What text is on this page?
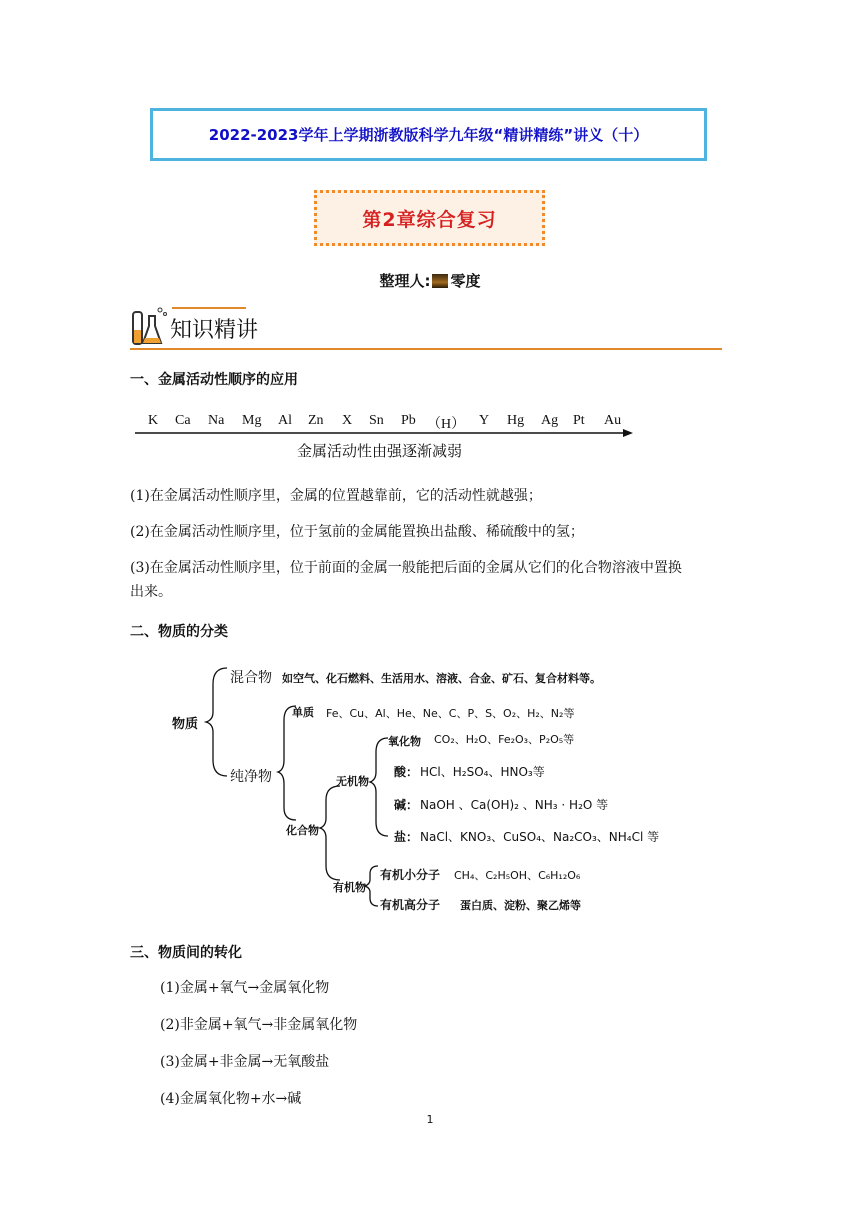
2022-2023学年上学期浙教版科学九年级“精讲精练”讲义（十）
第2章综合复习
整理人: 零度
知识精讲
一、金属活动性顺序的应用
K Ca Na Mg Al Zn X Sn Pb （H） Y Hg Ag Pt Au
金属活动性由强逐渐减弱
(1)在金属活动性顺序里，金属的位置越靠前，它的活动性就越强；
(2)在金属活动性顺序里，位于氢前的金属能置换出盐酸、稀硫酸中的氢；
(3)在金属活动性顺序里，位于前面的金属一般能把后面的金属从它们的化合物溶液中置换
出来。
二、物质的分类
物质
混合物 如空气、化石燃料、生活用水、溶液、合金、矿石、复合材料等。
纯净物
单质 Fe、Cu、Al、He、Ne、C、P、S、O₂、H₂、N₂等
化合物
无机物
氧化物 CO₂、H₂O、Fe₂O₃、P₂O₅等
酸： HCl、H₂SO₄、HNO₃等
碱： NaOH 、Ca(OH)₂ 、NH₃ · H₂O 等
盐： NaCl、KNO₃、CuSO₄、Na₂CO₃、NH₄Cl 等
有机物
有机小分子 CH₄、C₂H₅OH、C₆H₁₂O₆
有机高分子 蛋白质、淀粉、聚乙烯等
三、物质间的转化
(1)金属+氧气→金属氧化物
(2)非金属+氧气→非金属氧化物
(3)金属+非金属→无氧酸盐
(4)金属氧化物+水→碱
1
